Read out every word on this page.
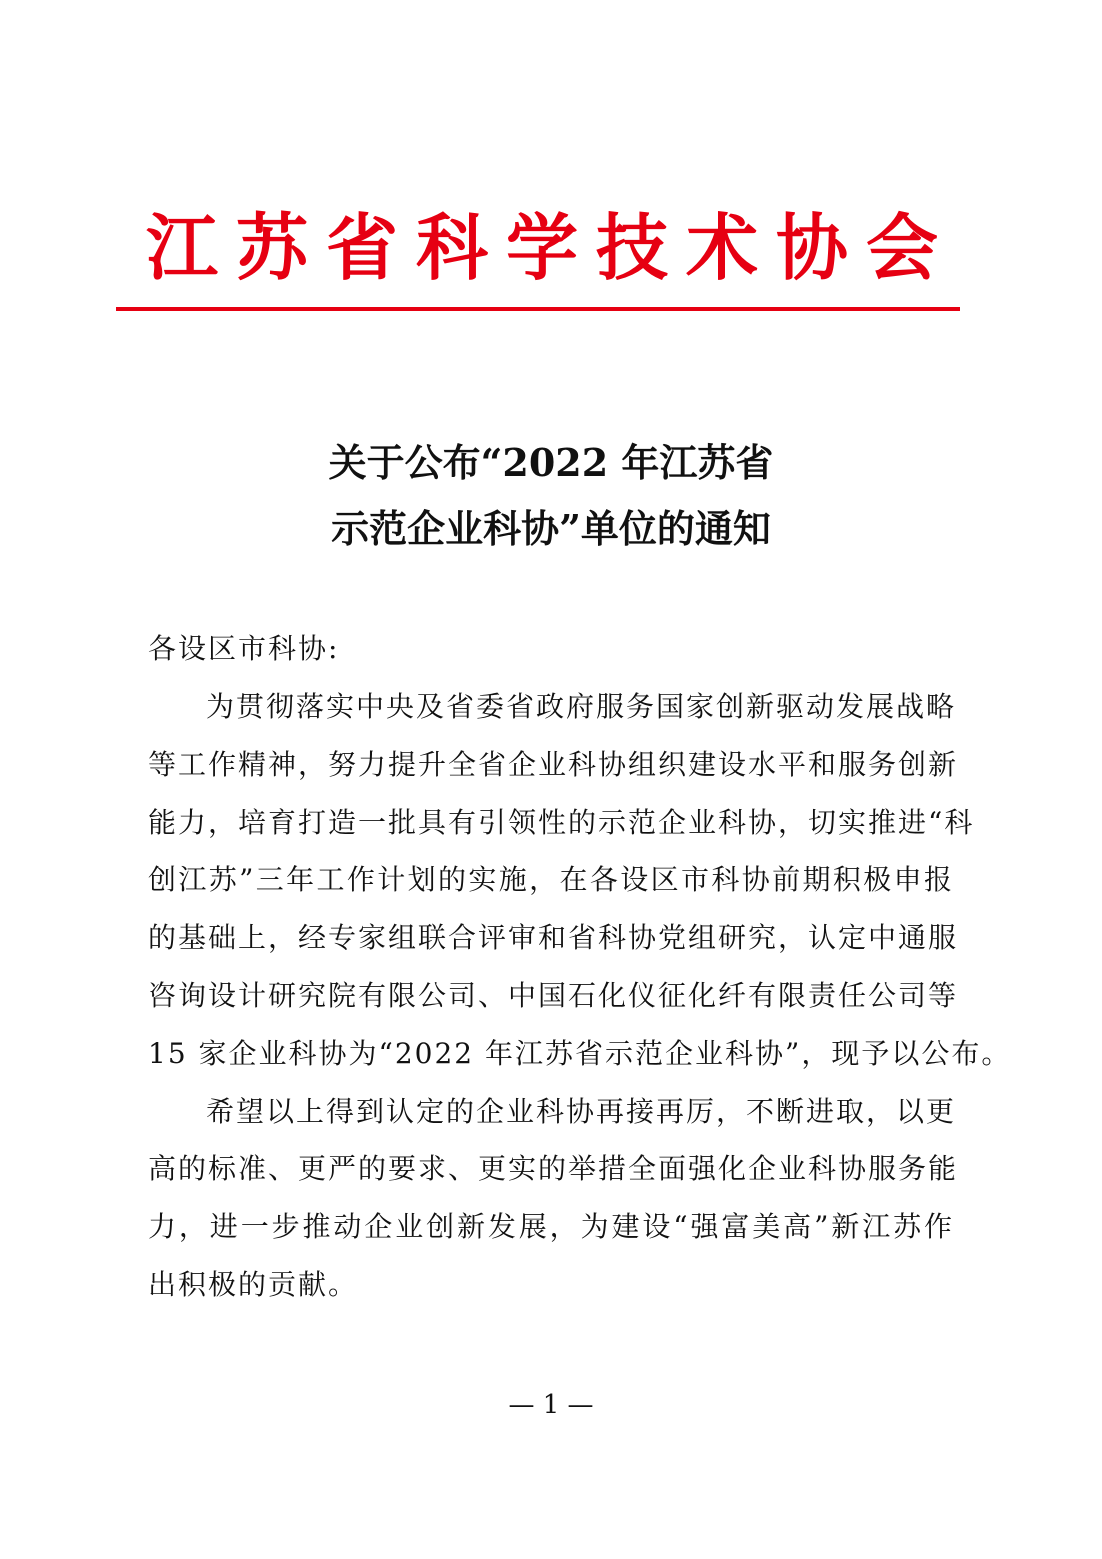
江苏省科学技术协会
关于公布“2022 年江苏省
示范企业科协”单位的通知
各设区市科协:
为贯彻落实中央及省委省政府服务国家创新驱动发展战略
等工作精神，努力提升全省企业科协组织建设水平和服务创新
能力，培育打造一批具有引领性的示范企业科协，切实推进“科
创江苏”三年工作计划的实施，在各设区市科协前期积极申报
的基础上，经专家组联合评审和省科协党组研究，认定中通服
咨询设计研究院有限公司、中国石化仪征化纤有限责任公司等
15 家企业科协为“2022 年江苏省示范企业科协”，现予以公布。
希望以上得到认定的企业科协再接再厉，不断进取，以更
高的标准、更严的要求、更实的举措全面强化企业科协服务能
力，进一步推动企业创新发展，为建设“强富美高”新江苏作
出积极的贡献。
— 1 —
